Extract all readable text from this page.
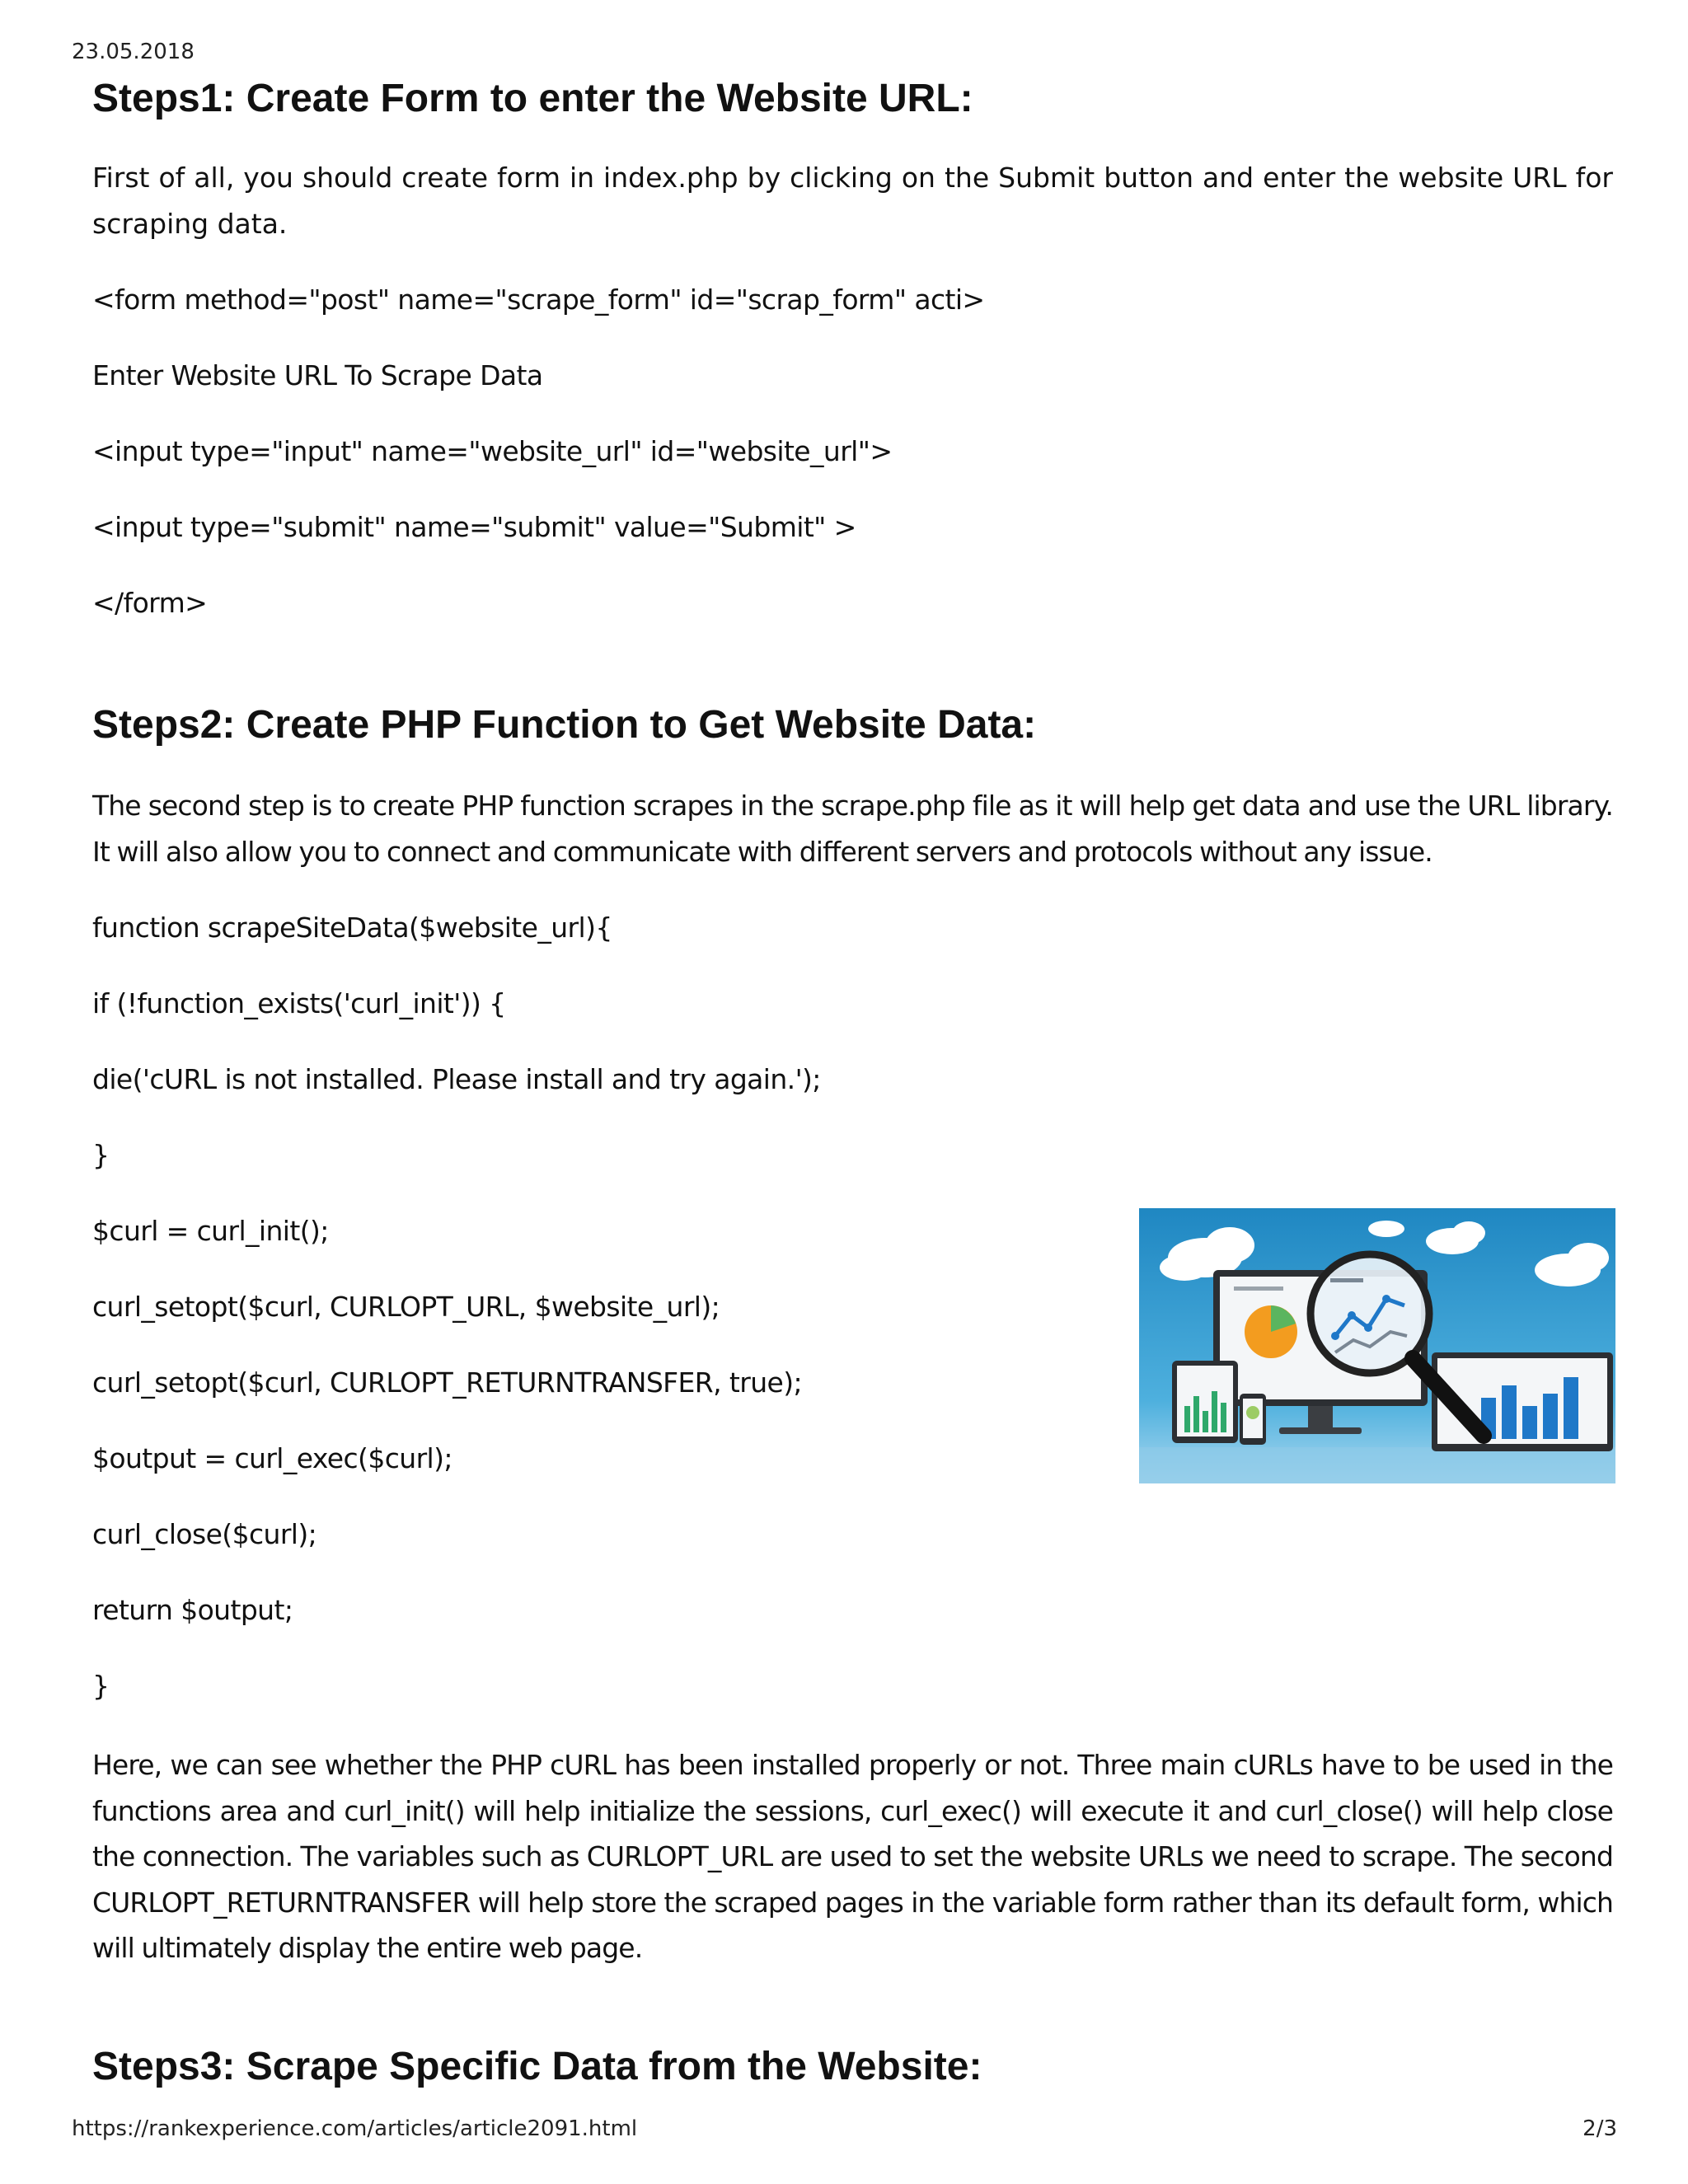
23.05.2018
Steps1: Create Form to enter the Website URL:

First of all, you should create form in index.php by clicking on the Submit button and enter the website URL for scraping data.

<form method="post" name="scrape_form" id="scrap_form" acti>

Enter Website URL To Scrape Data

<input type="input" name="website_url" id="website_url">

<input type="submit" name="submit" value="Submit" >

</form>

Steps2: Create PHP Function to Get Website Data:

The second step is to create PHP function scrapes in the scrape.php file as it will help get data and use the URL library. It will also allow you to connect and communicate with different servers and protocols without any issue.

function scrapeSiteData($website_url){

if (!function_exists('curl_init')) {

die('cURL is not installed. Please install and try again.');

}

$curl = curl_init();

curl_setopt($curl, CURLOPT_URL, $website_url);

curl_setopt($curl, CURLOPT_RETURNTRANSFER, true);

$output = curl_exec($curl);

curl_close($curl);

return $output;

}

Here, we can see whether the PHP cURL has been installed properly or not. Three main cURLs have to be used in the functions area and curl_init() will help initialize the sessions, curl_exec() will execute it and curl_close() will help close the connection. The variables such as CURLOPT_URL are used to set the website URLs we need to scrape. The second CURLOPT_RETURNTRANSFER will help store the scraped pages in the variable form rather than its default form, which will ultimately display the entire web page.

Steps3: Scrape Specific Data from the Website:
https://rankexperience.com/articles/article2091.html	2/3
